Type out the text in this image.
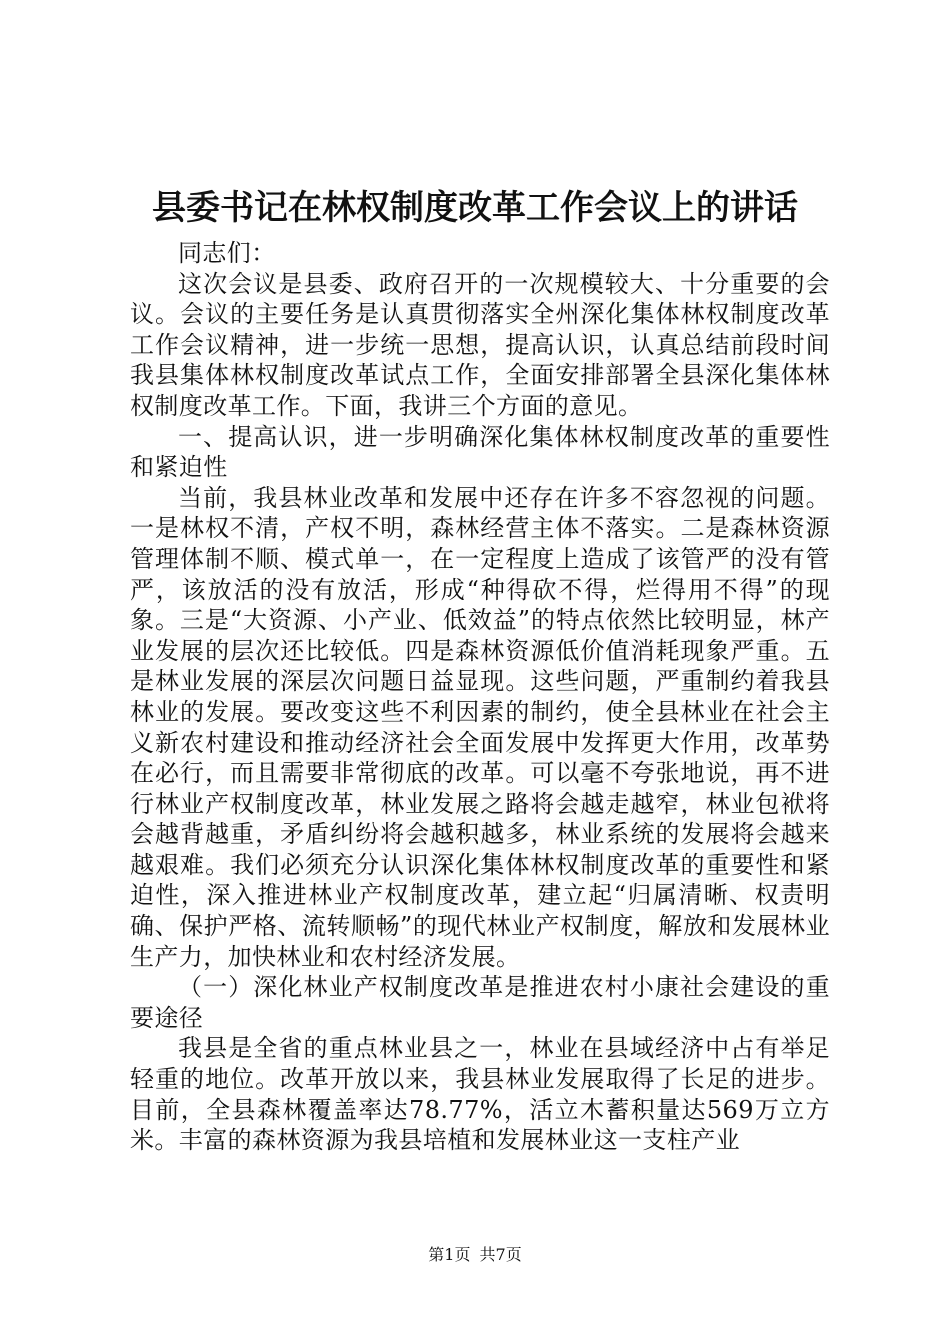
县委书记在林权制度改革工作会议上的讲话

同志们：

这次会议是县委、政府召开的一次规模较大、十分重要的会议。会议的主要任务是认真贯彻落实全州深化集体林权制度改革工作会议精神，进一步统一思想，提高认识，认真总结前段时间我县集体林权制度改革试点工作，全面安排部署全县深化集体林权制度改革工作。下面，我讲三个方面的意见。

一、提高认识，进一步明确深化集体林权制度改革的重要性和紧迫性

当前，我县林业改革和发展中还存在许多不容忽视的问题。一是林权不清，产权不明，森林经营主体不落实。二是森林资源管理体制不顺、模式单一，在一定程度上造成了该管严的没有管严，该放活的没有放活，形成“种得砍不得，烂得用不得”的现象。三是“大资源、小产业、低效益”的特点依然比较明显，林产业发展的层次还比较低。四是森林资源低价值消耗现象严重。五是林业发展的深层次问题日益显现。这些问题，严重制约着我县林业的发展。要改变这些不利因素的制约，使全县林业在社会主义新农村建设和推动经济社会全面发展中发挥更大作用，改革势在必行，而且需要非常彻底的改革。可以毫不夸张地说，再不进行林业产权制度改革，林业发展之路将会越走越窄，林业包袱将会越背越重，矛盾纠纷将会越积越多，林业系统的发展将会越来越艰难。我们必须充分认识深化集体林权制度改革的重要性和紧迫性，深入推进林业产权制度改革，建立起“归属清晰、权责明确、保护严格、流转顺畅”的现代林业产权制度，解放和发展林业生产力，加快林业和农村经济发展。

（一）深化林业产权制度改革是推进农村小康社会建设的重要途径

我县是全省的重点林业县之一，林业在县域经济中占有举足轻重的地位。改革开放以来，我县林业发展取得了长足的进步。目前，全县森林覆盖率达78.77%，活立木蓄积量达569万立方米。丰富的森林资源为我县培植和发展林业这一支柱产业

第1页 共7页
